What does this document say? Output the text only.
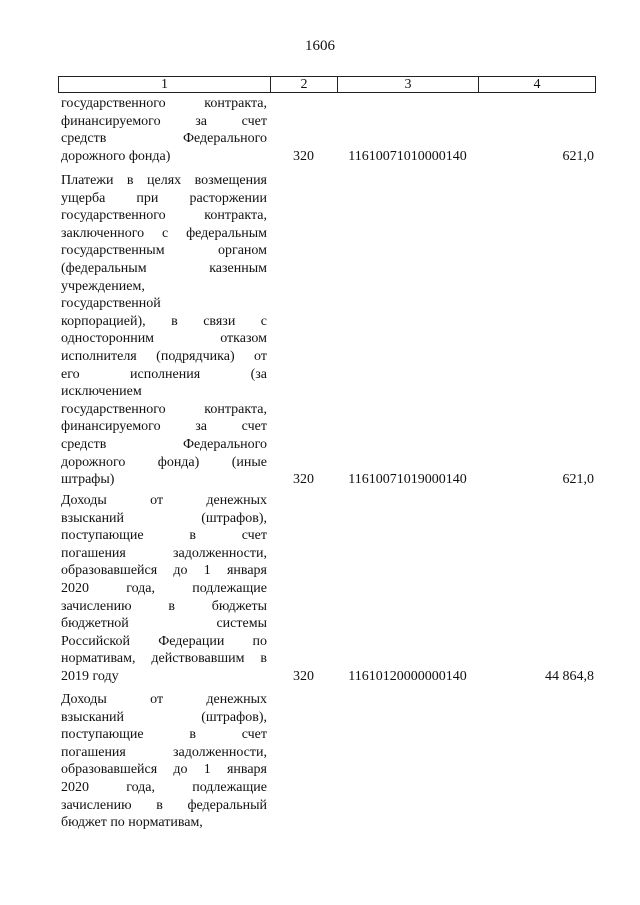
1606
1	2	3	4
государственного контракта,
финансируемого за счет
средств Федерального
дорожного фонда)	320	11610071010000140	621,0
Платежи в целях возмещения
ущерба при расторжении
государственного контракта,
заключенного с федеральным
государственным органом
(федеральным казенным
учреждением,
государственной
корпорацией), в связи с
односторонним отказом
исполнителя (подрядчика) от
его исполнения (за
исключением
государственного контракта,
финансируемого за счет
средств Федерального
дорожного фонда) (иные
штрафы)	320	11610071019000140	621,0
Доходы от денежных
взысканий (штрафов),
поступающие в счет
погашения задолженности,
образовавшейся до 1 января
2020 года, подлежащие
зачислению в бюджеты
бюджетной системы
Российской Федерации по
нормативам, действовавшим в
2019 году	320	11610120000000140	44 864,8
Доходы от денежных
взысканий (штрафов),
поступающие в счет
погашения задолженности,
образовавшейся до 1 января
2020 года, подлежащие
зачислению в федеральный
бюджет по нормативам,
